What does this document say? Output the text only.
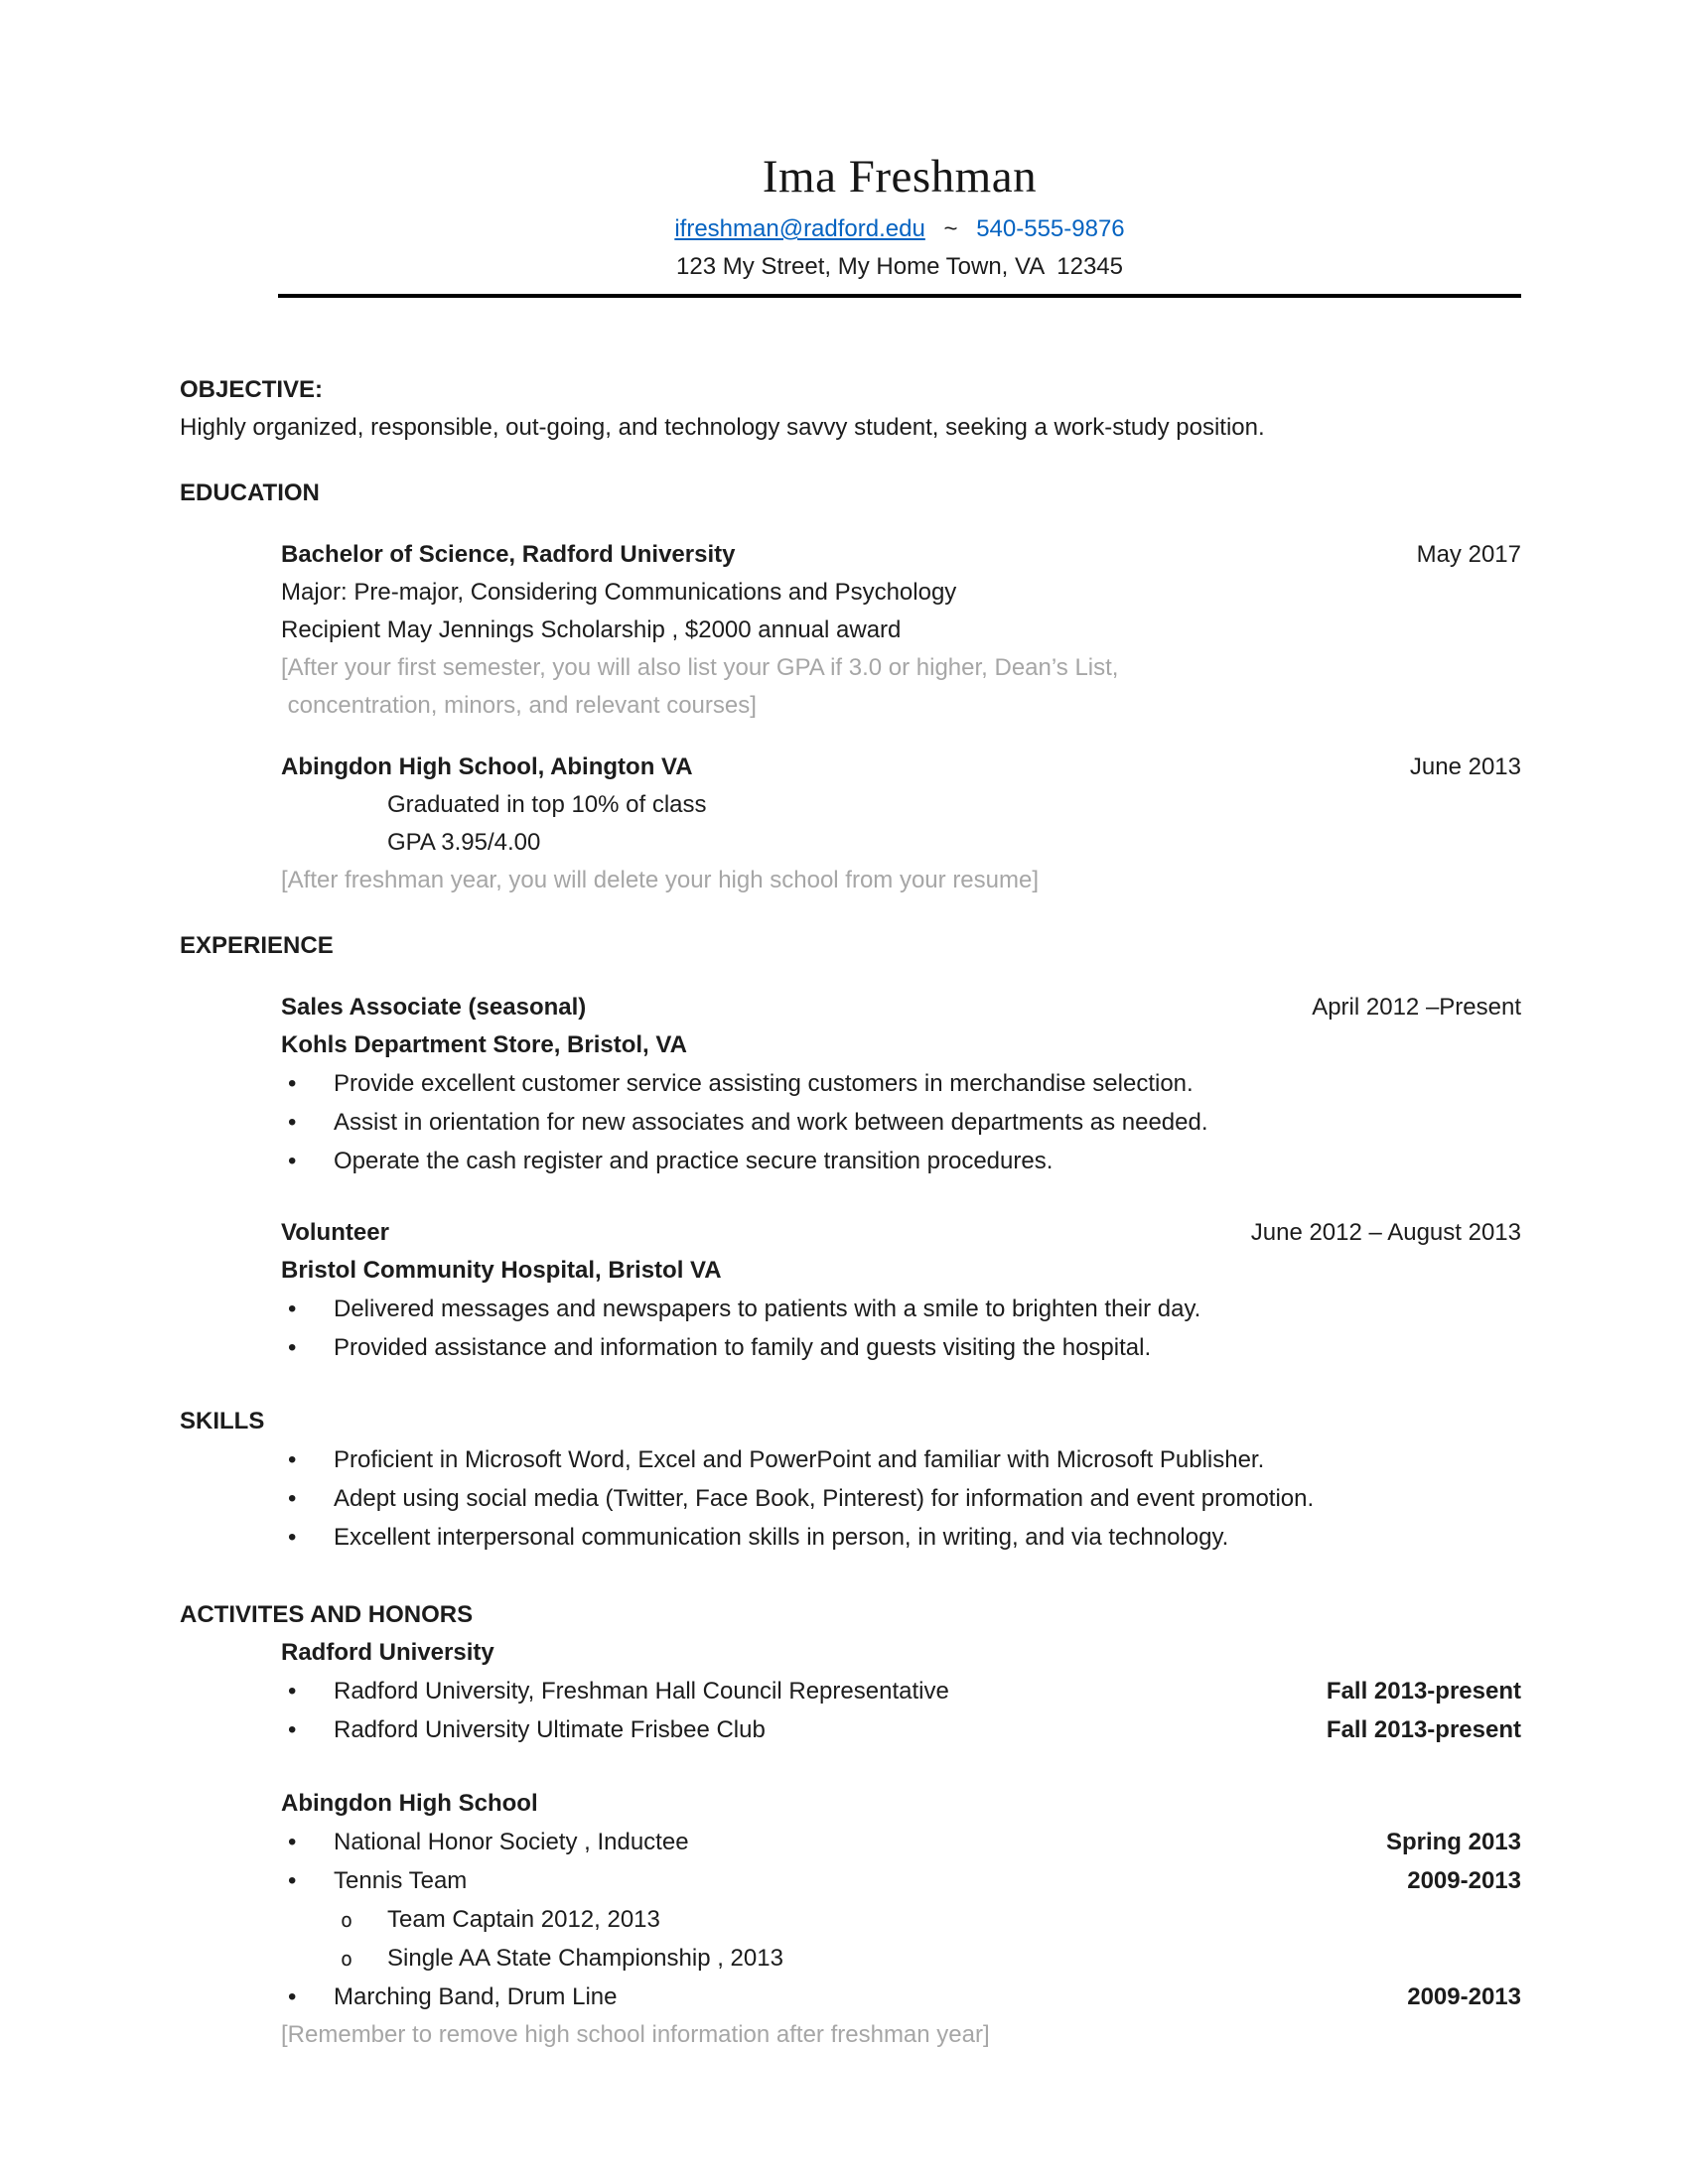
Ima Freshman
ifreshman@radford.edu ~ 540-555-9876
123 My Street, My Home Town, VA  12345
OBJECTIVE:
Highly organized, responsible, out-going, and technology savvy student, seeking a work-study position.
EDUCATION
Bachelor of Science, Radford University	May 2017
Major: Pre-major, Considering Communications and Psychology
Recipient May Jennings Scholarship , $2000 annual award
[After your first semester, you will also list your GPA if 3.0 or higher, Dean’s List,
concentration, minors, and relevant courses]
Abingdon High School, Abington VA	June 2013
Graduated in top 10% of class
GPA 3.95/4.00
[After freshman year, you will delete your high school from your resume]
EXPERIENCE
Sales Associate (seasonal)	April 2012 –Present
Kohls Department Store, Bristol, VA
• Provide excellent customer service assisting customers in merchandise selection.
• Assist in orientation for new associates and work between departments as needed.
• Operate the cash register and practice secure transition procedures.
Volunteer	June 2012 – August 2013
Bristol Community Hospital, Bristol VA
• Delivered messages and newspapers to patients with a smile to brighten their day.
• Provided assistance and information to family and guests visiting the hospital.
SKILLS
• Proficient in Microsoft Word, Excel and PowerPoint and familiar with Microsoft Publisher.
• Adept using social media (Twitter, Face Book, Pinterest) for information and event promotion.
• Excellent interpersonal communication skills in person, in writing, and via technology.
ACTIVITES AND HONORS
Radford University
• Radford University, Freshman Hall Council Representative	Fall 2013-present
• Radford University Ultimate Frisbee Club	Fall 2013-present
Abingdon High School
• National Honor Society , Inductee	Spring 2013
• Tennis Team	2009-2013
o Team Captain 2012, 2013
o Single AA State Championship , 2013
• Marching Band, Drum Line	2009-2013
[Remember to remove high school information after freshman year]
